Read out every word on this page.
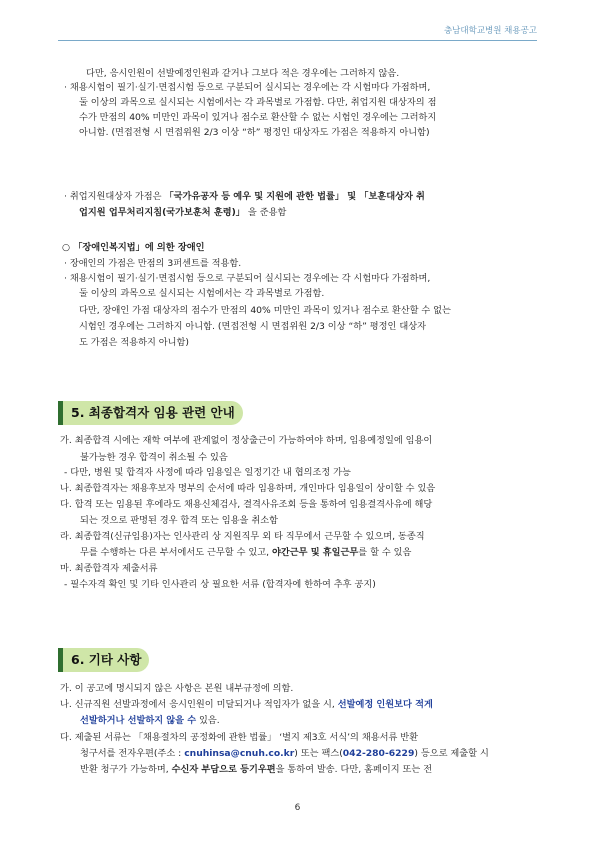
충남대학교병원 채용공고
다만, 응시인원이 선발예정인원과 같거나 그보다 적은 경우에는 그러하지 않음.
· 채용시험이 필기·실기·면접시험 등으로 구분되어 실시되는 경우에는 각 시험마다 가점하며,
둘 이상의 과목으로 실시되는 시험에서는 각 과목별로 가점함. 다만, 취업지원 대상자의 점
수가 만점의 40% 미만인 과목이 있거나 점수로 환산할 수 없는 시험인 경우에는 그러하지
아니함. (면접전형 시 면접위원 2/3 이상 “하” 평정인 대상자도 가점은 적용하지 아니함)
· 취업지원대상자 가점은 「국가유공자 등 예우 및 지원에 관한 법률」 및 「보훈대상자 취
업지원 업무처리지침(국가보훈처 훈령)」 을 준용함
○ 「장애인복지법」에 의한 장애인
· 장애인의 가점은 만점의 3퍼센트를 적용함.
· 채용시험이 필기·실기·면접시험 등으로 구분되어 실시되는 경우에는 각 시험마다 가점하며,
둘 이상의 과목으로 실시되는 시험에서는 각 과목별로 가점함.
다만, 장애인 가점 대상자의 점수가 만점의 40% 미만인 과목이 있거나 점수로 환산할 수 없는
시험인 경우에는 그러하지 아니함. (면접전형 시 면접위원 2/3 이상 “하” 평정인 대상자
도 가점은 적용하지 아니함)
5. 최종합격자 임용 관련 안내
가. 최종합격 시에는 재학 여부에 관계없이 정상출근이 가능하여야 하며, 임용예정일에 임용이
불가능한 경우 합격이 취소될 수 있음
- 다만, 병원 및 합격자 사정에 따라 임용일은 일정기간 내 협의조정 가능
나. 최종합격자는 채용후보자 명부의 순서에 따라 임용하며, 개인마다 임용일이 상이할 수 있음
다. 합격 또는 임용된 후에라도 채용신체검사, 결격사유조회 등을 통하여 임용결격사유에 해당
되는 것으로 판명된 경우 합격 또는 임용을 취소함
라. 최종합격(신규임용)자는 인사관리 상 지원직무 외 타 직무에서 근무할 수 있으며, 동종직
무를 수행하는 다른 부서에서도 근무할 수 있고, 야간근무 및 휴일근무를 할 수 있음
마. 최종합격자 제출서류
- 필수자격 확인 및 기타 인사관리 상 필요한 서류 (합격자에 한하여 추후 공지)
6. 기타 사항
가. 이 공고에 명시되지 않은 사항은 본원 내부규정에 의함.
나. 신규직원 선발과정에서 응시인원이 미달되거나 적임자가 없을 시, 선발예정 인원보다 적게
선발하거나 선발하지 않을 수 있음.
다. 제출된 서류는 「채용절차의 공정화에 관한 법률」 ‘별지 제3호 서식’의 채용서류 반환
청구서를 전자우편(주소 : cnuhinsa@cnuh.co.kr) 또는 팩스(042-280-6229) 등으로 제출할 시
반환 청구가 가능하며, 수신자 부담으로 등기우편을 통하여 발송. 다만, 홈페이지 또는 전
6
